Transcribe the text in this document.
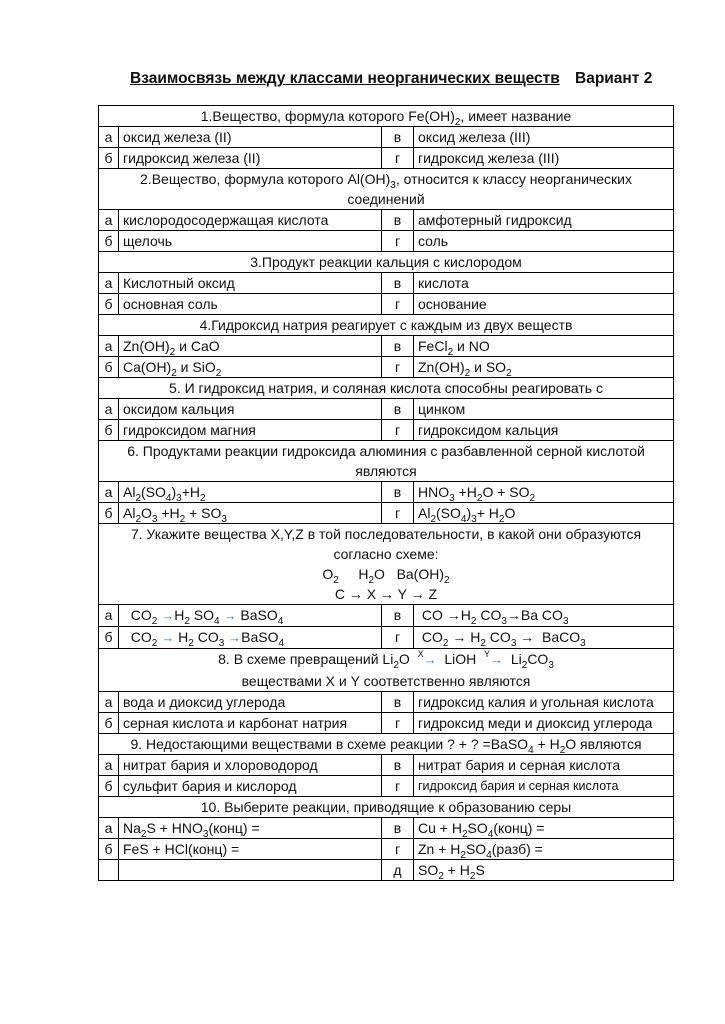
Взаимосвязь между классами неорганических веществ Вариант 2
1.Вещество, формула которого $Fe(OH)_2$, имеет название			
а	оксид железа (II)	в	оксид железа (III)
б	гидроксид железа (II)	г	гидроксид железа (III)
2.Вещество, формула которого $Al(OH)_3$, относится к классу неорганических соединений			
а	кислородосодержащая кислота	в	амфотерный гидроксид
б	щелочь	г	соль
3.Продукт реакции кальция с кислородом			
а	Кислотный оксид	в	кислота
б	основная соль	г	основание
4.Гидроксид натрия реагирует с каждым из двух веществ			
а	$Zn(OH)_2$ и CaO	в	FeCl$_2$ и NO
б	$Ca(OH)_2$ и SiO$_2$	г	$Zn(OH)_2$ и $SO_2$
5. И гидроксид натрия, и соляная кислота способны реагировать с			
а	оксидом кальция	в	цинком
б	гидроксидом магния	г	гидроксидом кальция
6. Продуктами реакции гидроксида алюминия с разбавленной серной кислотой являются			
а	$Al_2(SO_4)_3+H_2$	в	$HNO_3 +H_2O + SO_2$
б	$Al_2O_3 +H_2 + SO_3$	г	$Al_2(SO_4)_3+ H_2O$
7. Укажите вещества X,Y,Z в той последовательности, в какой они образуются согласно схеме:
$O_2$ $H_2O$ $Ba(OH)_2$
C → X → Y → Z			

а	$CO_2 \to H_2$ $SO_4$ → BaSO$_4$	в	CO $\to H_2$ $CO_3\to Ba$ $CO_3$
б	$CO_2 \to H_2$ $CO_3$ →BaSO$_4$	г	$CO_2 \to H_2$ $CO_3$ → BaCO$_3$
8. В схеме превращений $Li_2O$ $^X$→ LiOH $^Y\to Li_2CO_3$
веществами X и Y соответственно являются			

а	вода и диоксид углерода	в	гидроксид калия и угольная кислота
б	серная кислота и карбонат натрия	г	гидроксид меди и диоксид углерода
9. Недостающими веществами в схеме реакции ? + ? =BaSO$_4$ + $H_2O$ являются			
а	нитрат бария и хлороводород	в	нитрат бария и серная кислота
б	сульфит бария и кислород	г	гидроксид бария и серная кислота
10. Выберите реакции, приводящие к образованию серы			
а	$Na_2S$ + $HNO_3(конц)$ =	в	$Cu + H_2SO_4(конц)$ =
б	FeS + HCl(конц) =	г	$Zn + H_2SO_4(разб)$ =
		д	$SO_2 + H_2S$
